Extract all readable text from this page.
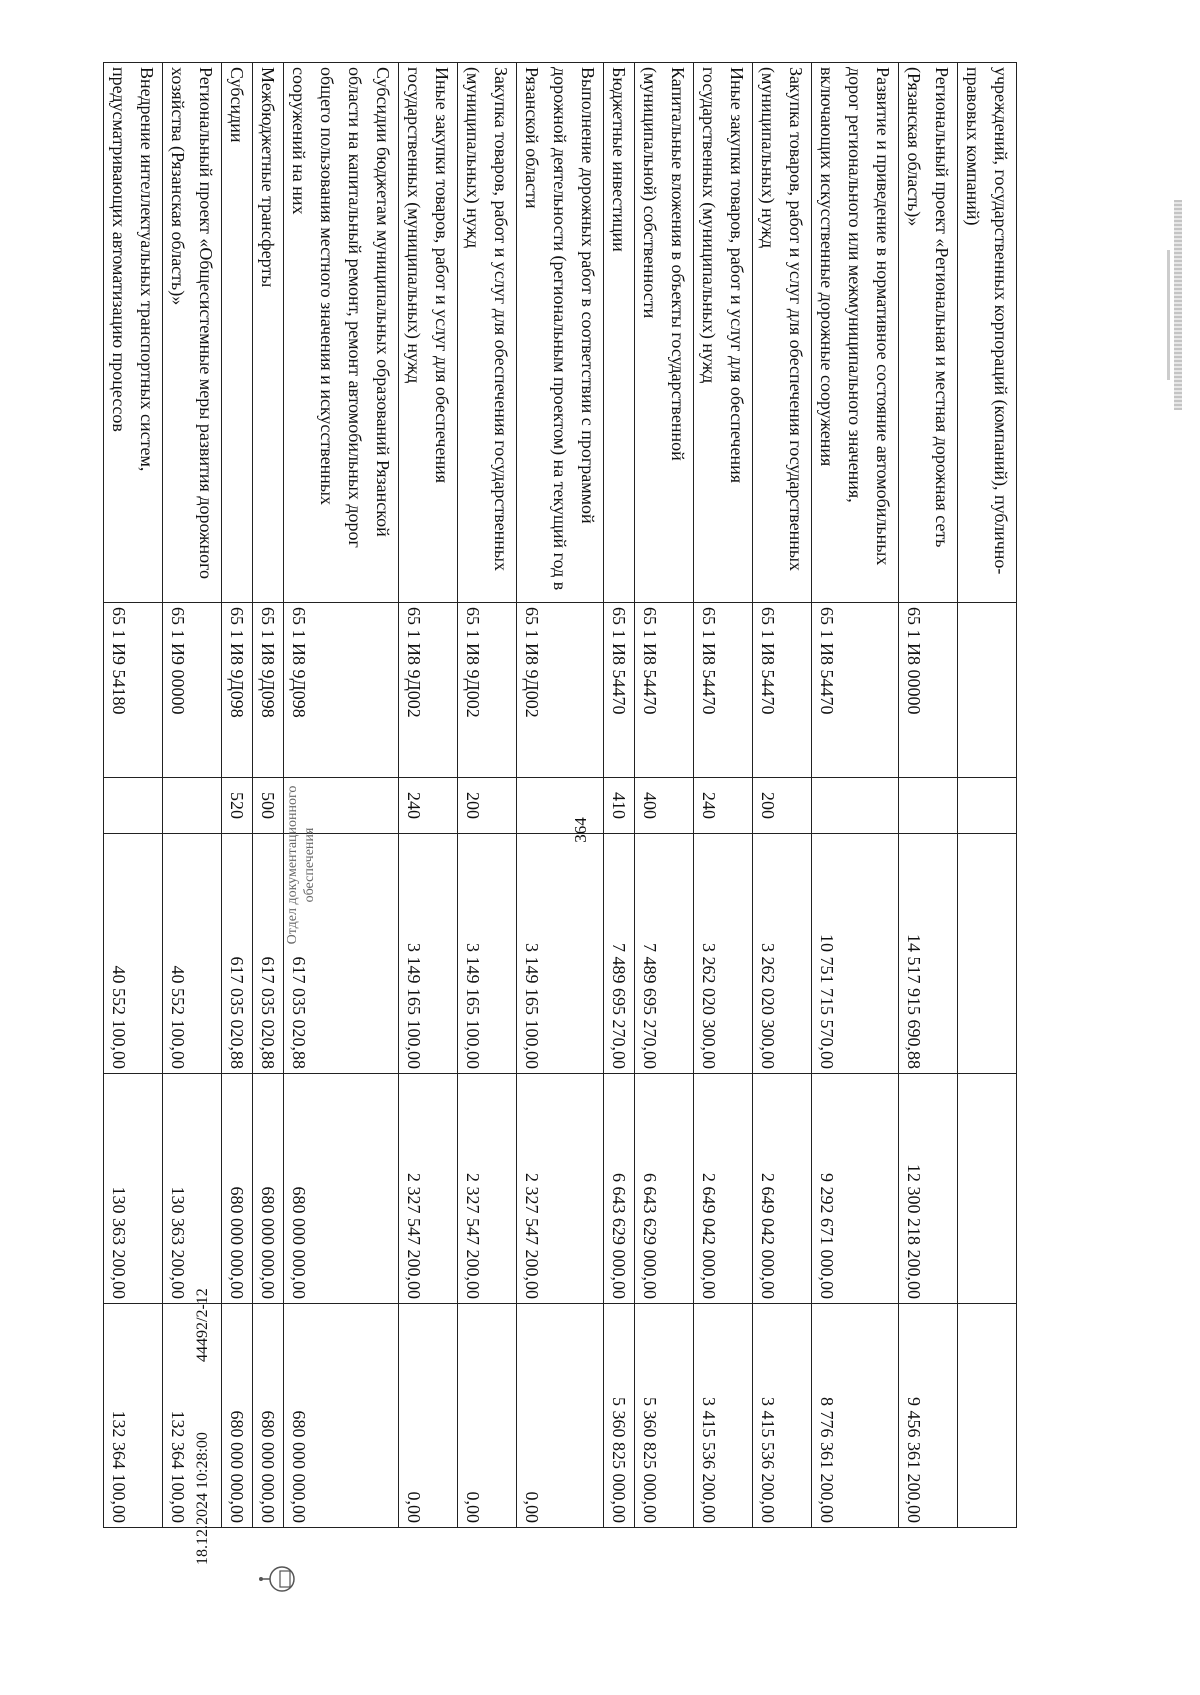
364
учреждений, государственных корпораций (компаний), публично-правовых компаний)					
Региональный проект «Региональная и местная дорожная сеть (Рязанская область)»	65 1 И8 00000		14 517 915 690,88	12 300 218 200,00	9 456 361 200,00
Развитие и приведение в нормативное состояние автомобильных дорог регионального или межмуниципального значения, включающих искусственные дорожные сооружения	65 1 И8 54470		10 751 715 570,00	9 292 671 000,00	8 776 361 200,00
Закупка товаров, работ и услуг для обеспечения государственных (муниципальных) нужд	65 1 И8 54470	200	3 262 020 300,00	2 649 042 000,00	3 415 536 200,00
Иные закупки товаров, работ и услуг для обеспечения государственных (муниципальных) нужд	65 1 И8 54470	240	3 262 020 300,00	2 649 042 000,00	3 415 536 200,00
Капитальные вложения в объекты государственной (муниципальной) собственности	65 1 И8 54470	400	7 489 695 270,00	6 643 629 000,00	5 360 825 000,00
Бюджетные инвестиции	65 1 И8 54470	410	7 489 695 270,00	6 643 629 000,00	5 360 825 000,00
Выполнение дорожных работ в соответствии с программой дорожной деятельности (региональным проектом) на текущий год в Рязанской области	65 1 И8 9Д002		3 149 165 100,00	2 327 547 200,00	0,00
Закупка товаров, работ и услуг для обеспечения государственных (муниципальных) нужд	65 1 И8 9Д002	200	3 149 165 100,00	2 327 547 200,00	0,00
Иные закупки товаров, работ и услуг для обеспечения государственных (муниципальных) нужд	65 1 И8 9Д002	240	3 149 165 100,00	2 327 547 200,00	0,00
Субсидии бюджетам муниципальных образований Рязанской области на капитальный ремонт, ремонт автомобильных дорог общего пользования местного значения и искусственных сооружений на них	65 1 И8 9Д098		617 035 020,88	680 000 000,00	680 000 000,00
Межбюджетные трансферты	65 1 И8 9Д098	500	617 035 020,88	680 000 000,00	680 000 000,00
Субсидии	65 1 И8 9Д098	520	617 035 020,88	680 000 000,00	680 000 000,00
Региональный проект «Общесистемные меры развития дорожного хозяйства (Рязанская область)»	65 1 И9 00000		40 552 100,00	130 363 200,00	132 364 100,00
Внедрение интеллектуальных транспортных систем, предусматривающих автоматизацию процессов	65 1 И9 54180		40 552 100,00	130 363 200,00	132 364 100,00
Отдел документационного обеспечения
18.12.2024 10:28:00
44492/2-12
